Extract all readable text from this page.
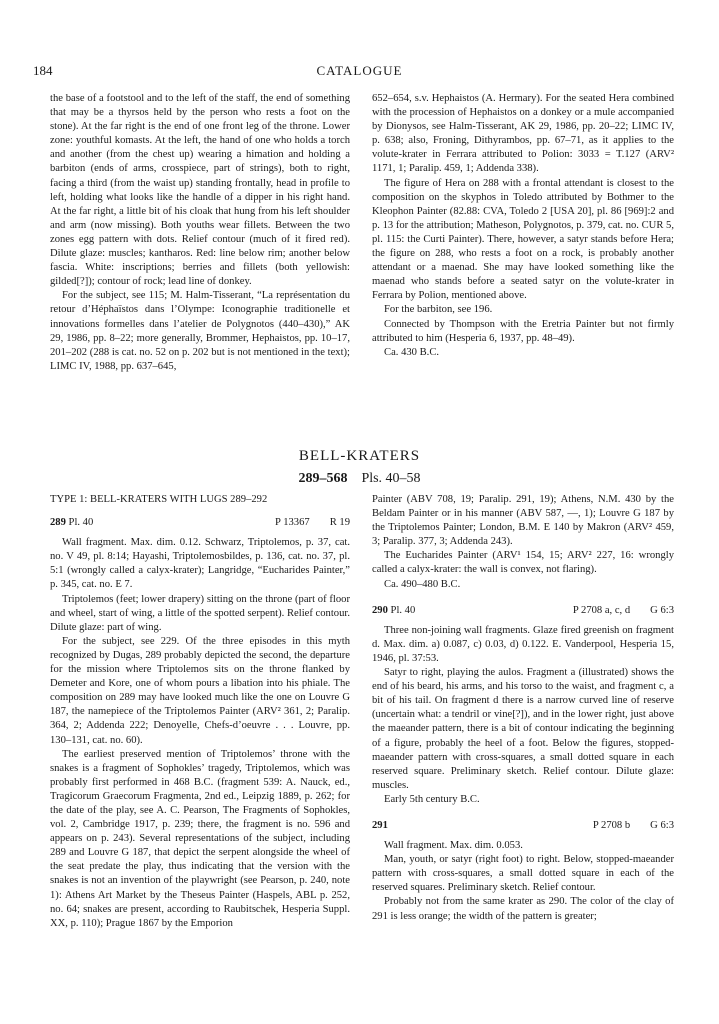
184	CATALOGUE

the base of a footstool and to the left of the staff, the end of something that may be a thyrsos held by the person who rests a foot on the stone). At the far right is the end of one front leg of the throne. Lower zone: youthful komasts. At the left, the hand of one who holds a torch and another (from the chest up) wearing a himation and holding a barbiton (ends of arms, crosspiece, part of strings), both to right, facing a third (from the waist up) standing frontally, head in profile to left, holding what looks like the handle of a dipper in his right hand. At the far right, a little bit of his cloak that hung from his left shoulder and arm (now missing). Both youths wear fillets. Between the two zones egg pattern with dots. Relief contour (much of it fired red). Dilute glaze: muscles; kantharos. Red: line below rim; another below fascia. White: inscriptions; berries and fillets (both yellowish: gilded[?]); contour of rock; lead line of donkey.

For the subject, see 115; M. Halm-Tisserant, “La représentation du retour d’Héphaïstos dans l’Olympe: Iconographie traditionelle et innovations formelles dans l’atelier de Polygnotos (440–430),” AK 29, 1986, pp. 8–22; more generally, Brommer, Hephaistos, pp. 10–17, 201–202 (288 is cat. no. 52 on p. 202 but is not mentioned in the text); LIMC IV, 1988, pp. 637–645,

652–654, s.v. Hephaistos (A. Hermary). For the seated Hera combined with the procession of Hephaistos on a donkey or a mule accompanied by Dionysos, see Halm-Tisserant, AK 29, 1986, pp. 20–22; LIMC IV, p. 638; also, Froning, Dithyrambos, pp. 67–71, as it applies to the volute-krater in Ferrara attributed to Polion: 3033 = T.127 (ARV² 1171, 1; Paralip. 459, 1; Addenda 338).

The figure of Hera on 288 with a frontal attendant is closest to the composition on the skyphos in Toledo attributed by Bothmer to the Kleophon Painter (82.88: CVA, Toledo 2 [USA 20], pl. 86 [969]:2 and p. 13 for the attribution; Matheson, Polygnotos, p. 379, cat. no. CUR 5, pl. 115: the Curti Painter). There, however, a satyr stands before Hera; the figure on 288, who rests a foot on a rock, is probably another attendant or a maenad. She may have looked something like the maenad who stands before a seated satyr on the volute-krater in Ferrara by Polion, mentioned above.

For the barbiton, see 196.

Connected by Thompson with the Eretria Painter but not firmly attributed to him (Hesperia 6, 1937, pp. 48–49).

Ca. 430 B.C.

BELL-KRATERS
289–568 Pls. 40–58
TYPE 1: BELL-KRATERS WITH LUGS 289–292
289 Pl. 40	P 13367 R 19

Wall fragment. Max. dim. 0.12. Schwarz, Triptolemos, p. 37, cat. no. V 49, pl. 8:14; Hayashi, Triptolemosbildes, p. 136, cat. no. 37, pl. 5:1 (wrongly called a calyx-krater); Langridge, “Eucharides Painter,” p. 345, cat. no. E 7.

Triptolemos (feet; lower drapery) sitting on the throne (part of floor and wheel, start of wing, a little of the spotted serpent). Relief contour. Dilute glaze: part of wing.

For the subject, see 229. Of the three episodes in this myth recognized by Dugas, 289 probably depicted the second, the departure for the mission where Triptolemos sits on the throne flanked by Demeter and Kore, one of whom pours a libation into his phiale. The composition on 289 may have looked much like the one on Louvre G 187, the namepiece of the Triptolemos Painter (ARV² 361, 2; Paralip. 364, 2; Addenda 222; Denoyelle, Chefs-d’oeuvre . . . Louvre, pp. 130–131, cat. no. 60).

The earliest preserved mention of Triptolemos’ throne with the snakes is a fragment of Sophokles’ tragedy, Triptolemos, which was probably first performed in 468 B.C. (fragment 539: A. Nauck, ed., Tragicorum Graecorum Fragmenta, 2nd ed., Leipzig 1889, p. 262; for the date of the play, see A. C. Pearson, The Fragments of Sophokles, vol. 2, Cambridge 1917, p. 239; there, the fragment is no. 596 and appears on p. 243). Several representations of the subject, including 289 and Louvre G 187, that depict the serpent alongside the wheel of the seat predate the play, thus indicating that the version with the snakes is not an invention of the playwright (see Pearson, p. 240, note 1): Athens Art Market by the Theseus Painter (Haspels, ABL p. 252, no. 64; snakes are present, according to Raubitschek, Hesperia Suppl. XX, p. 110); Prague 1867 by the Emporion

Painter (ABV 708, 19; Paralip. 291, 19); Athens, N.M. 430 by the Beldam Painter or in his manner (ABV 587, —, 1); Louvre G 187 by the Triptolemos Painter; London, B.M. E 140 by Makron (ARV² 459, 3; Paralip. 377, 3; Addenda 243).

The Eucharides Painter (ARV¹ 154, 15; ARV² 227, 16: wrongly called a calyx-krater: the wall is convex, not flaring).

Ca. 490–480 B.C.

290 Pl. 40	P 2708 a, c, d G 6:3

Three non-joining wall fragments. Glaze fired greenish on fragment d. Max. dim. a) 0.087, c) 0.03, d) 0.122. E. Vanderpool, Hesperia 15, 1946, pl. 37:53.

Satyr to right, playing the aulos. Fragment a (illustrated) shows the end of his beard, his arms, and his torso to the waist, and fragment c, a bit of his tail. On fragment d there is a narrow curved line of reserve (uncertain what: a tendril or vine[?]), and in the lower right, just above the maeander pattern, there is a bit of contour indicating the beginning of a figure, probably the heel of a foot. Below the figures, stopped-maeander pattern with cross-squares, a small dotted square in each reserved square. Preliminary sketch. Relief contour. Dilute glaze: muscles.

Early 5th century B.C.

291	P 2708 b G 6:3

Wall fragment. Max. dim. 0.053.

Man, youth, or satyr (right foot) to right. Below, stopped-maeander pattern with cross-squares, a small dotted square in each of the reserved squares. Preliminary sketch. Relief contour.

Probably not from the same krater as 290. The color of the clay of 291 is less orange; the width of the pattern is greater;
